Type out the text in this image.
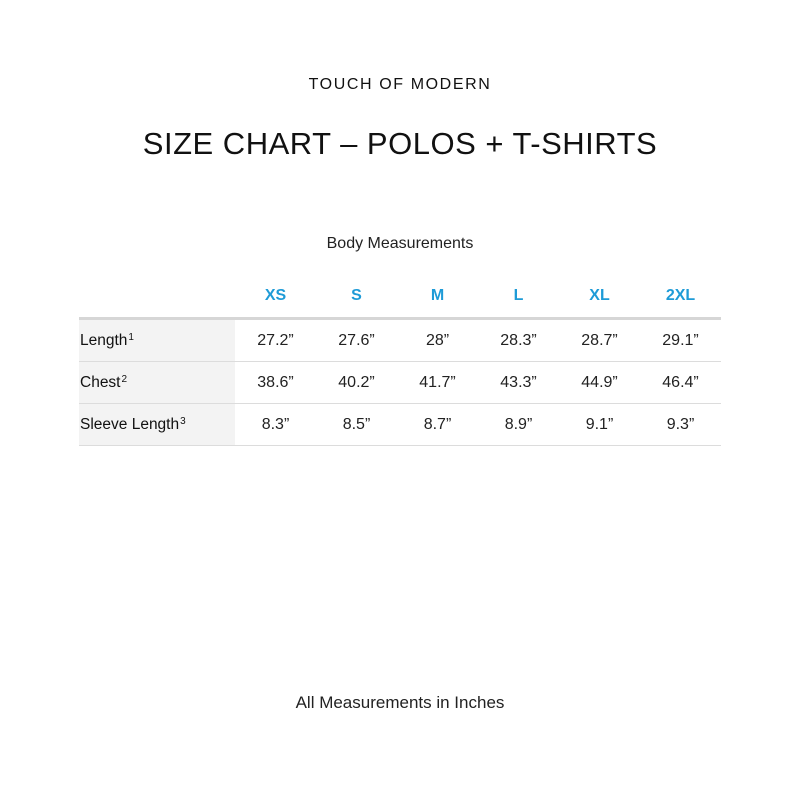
TOUCH OF MODERN
SIZE CHART – POLOS + T-SHIRTS
Body Measurements
	XS	S	M	L	XL	2XL
Length$^1$	27.2”	27.6”	28”	28.3”	28.7”	29.1”
Chest$^2$	38.6”	40.2”	41.7”	43.3”	44.9”	46.4”
Sleeve Length$^3$	8.3”	8.5”	8.7”	8.9”	9.1”	9.3”
All Measurements in Inches
